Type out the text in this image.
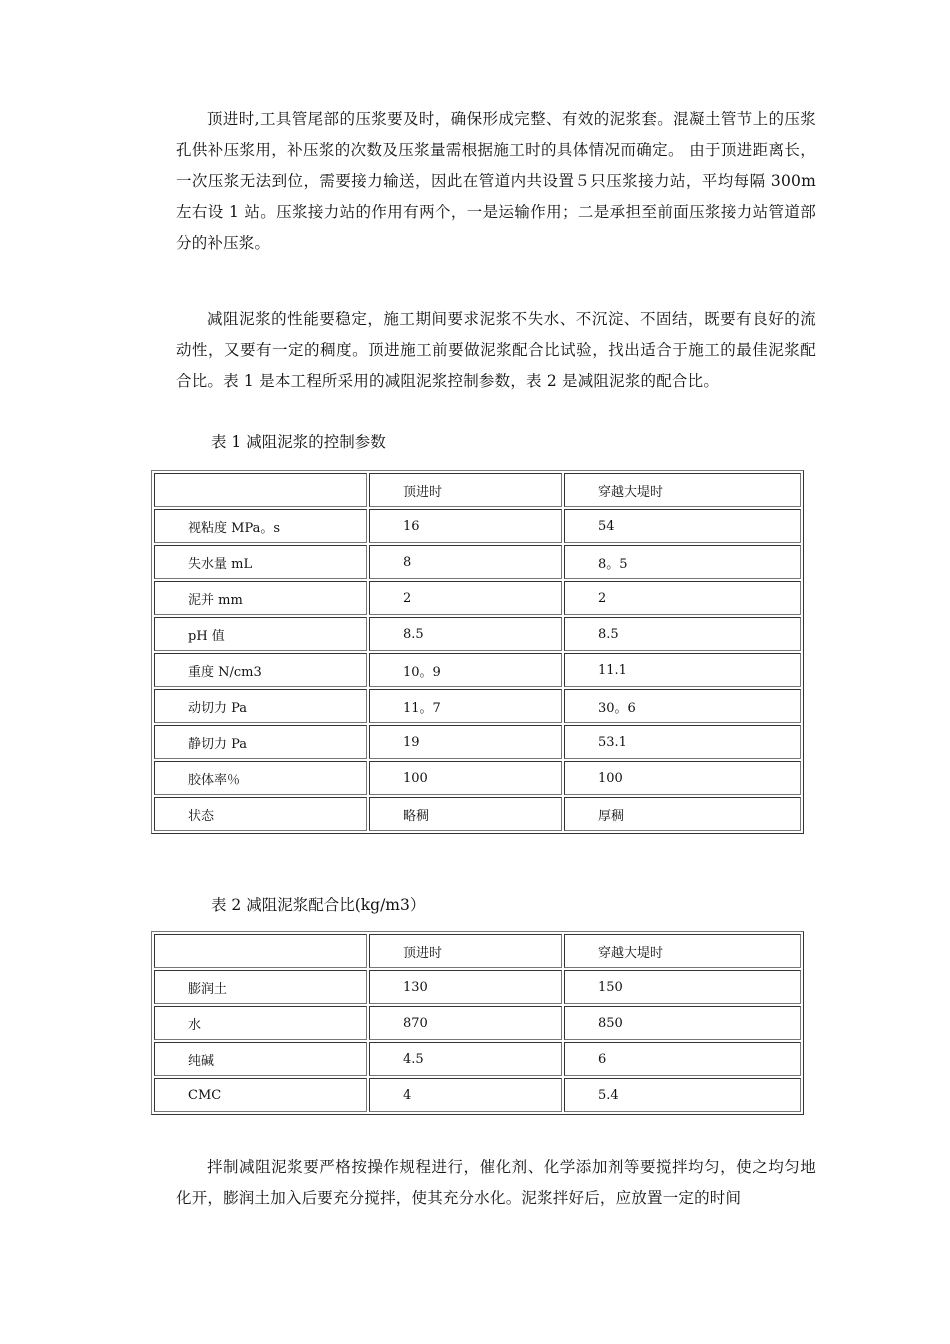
顶进时,工具管尾部的压浆要及时，确保形成完整、有效的泥浆套。混凝土管节上的压浆孔供补压浆用，补压浆的次数及压浆量需根据施工时的具体情况而确定。 由于顶进距离长，一次压浆无法到位，需要接力输送，因此在管道内共设置５只压浆接力站，平均每隔 300m 左右设 1 站。压浆接力站的作用有两个，一是运输作用；二是承担至前面压浆接力站管道部分的补压浆。

减阻泥浆的性能要稳定，施工期间要求泥浆不失水、不沉淀、不固结，既要有良好的流动性，又要有一定的稠度。顶进施工前要做泥浆配合比试验，找出适合于施工的最佳泥浆配合比。表 1 是本工程所采用的减阻泥浆控制参数，表 2 是减阻泥浆的配合比。

表 1 减阻泥浆的控制参数

	顶进时	穿越大堤时
视粘度 MPa。s	16	54
失水量 mL	8	8。5
泥并 mm	2	2
pH 值	8.5	8.5
重度 N/cm3	10。9	11.1
动切力 Pa	11。7	30。6
静切力 Pa	19	53.1
胶体率％	100	100
状态	略稠	厚稠

表 2 减阻泥浆配合比(kg/m3）

	顶进时	穿越大堤时
膨润土	130	150
水	870	850
纯碱	4.5	6
CMC	4	5.4

拌制减阻泥浆要严格按操作规程进行，催化剂、化学添加剂等要搅拌均匀，使之均匀地化开，膨润土加入后要充分搅拌，使其充分水化。泥浆拌好后，应放置一定的时间
